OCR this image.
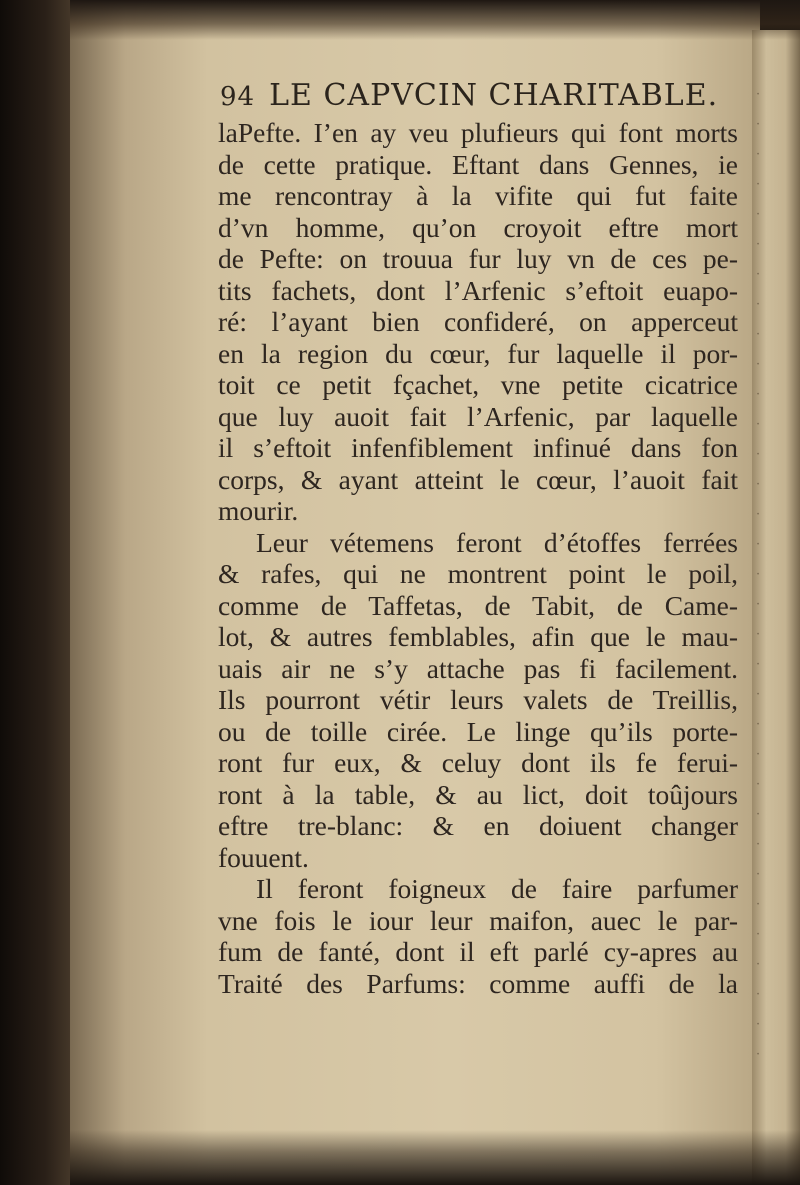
·
·
·
·
·
·
·
·
·
·
·
·
·
·
·
·
·
·
·
·
·
·
·
·
·
·
·
·
·
·
·
·
·
94 LE CAPVCIN CHARITABLE.
laPefte. I’en ay veu plufieurs qui font morts
de cette pratique. Eftant dans Gennes, ie
me rencontray à la vifite qui fut faite
d’vn homme, qu’on croyoit eftre mort
de Pefte: on trouua fur luy vn de ces pe-
tits fachets, dont l’Arfenic s’eftoit euapo-
ré: l’ayant bien confideré, on apperceut
en la region du cœur, fur laquelle il por-
toit ce petit fçachet, vne petite cicatrice
que luy auoit fait l’Arfenic, par laquelle
il s’eftoit infenfiblement infinué dans fon
corps, & ayant atteint le cœur, l’auoit fait
mourir.
Leur vétemens feront d’étoffes ferrées
& rafes, qui ne montrent point le poil,
comme de Taffetas, de Tabit, de Came-
lot, & autres femblables, afin que le mau-
uais air ne s’y attache pas fi facilement.
Ils pourront vétir leurs valets de Treillis,
ou de toille cirée. Le linge qu’ils porte-
ront fur eux, & celuy dont ils fe ferui-
ront à la table, & au lict, doit toûjours
eftre tre-blanc: & en doiuent changer
fouuent.
Il feront foigneux de faire parfumer
vne fois le iour leur maifon, auec le par-
fum de fanté, dont il eft parlé cy-apres au
Traité des Parfums: comme auffi de la
